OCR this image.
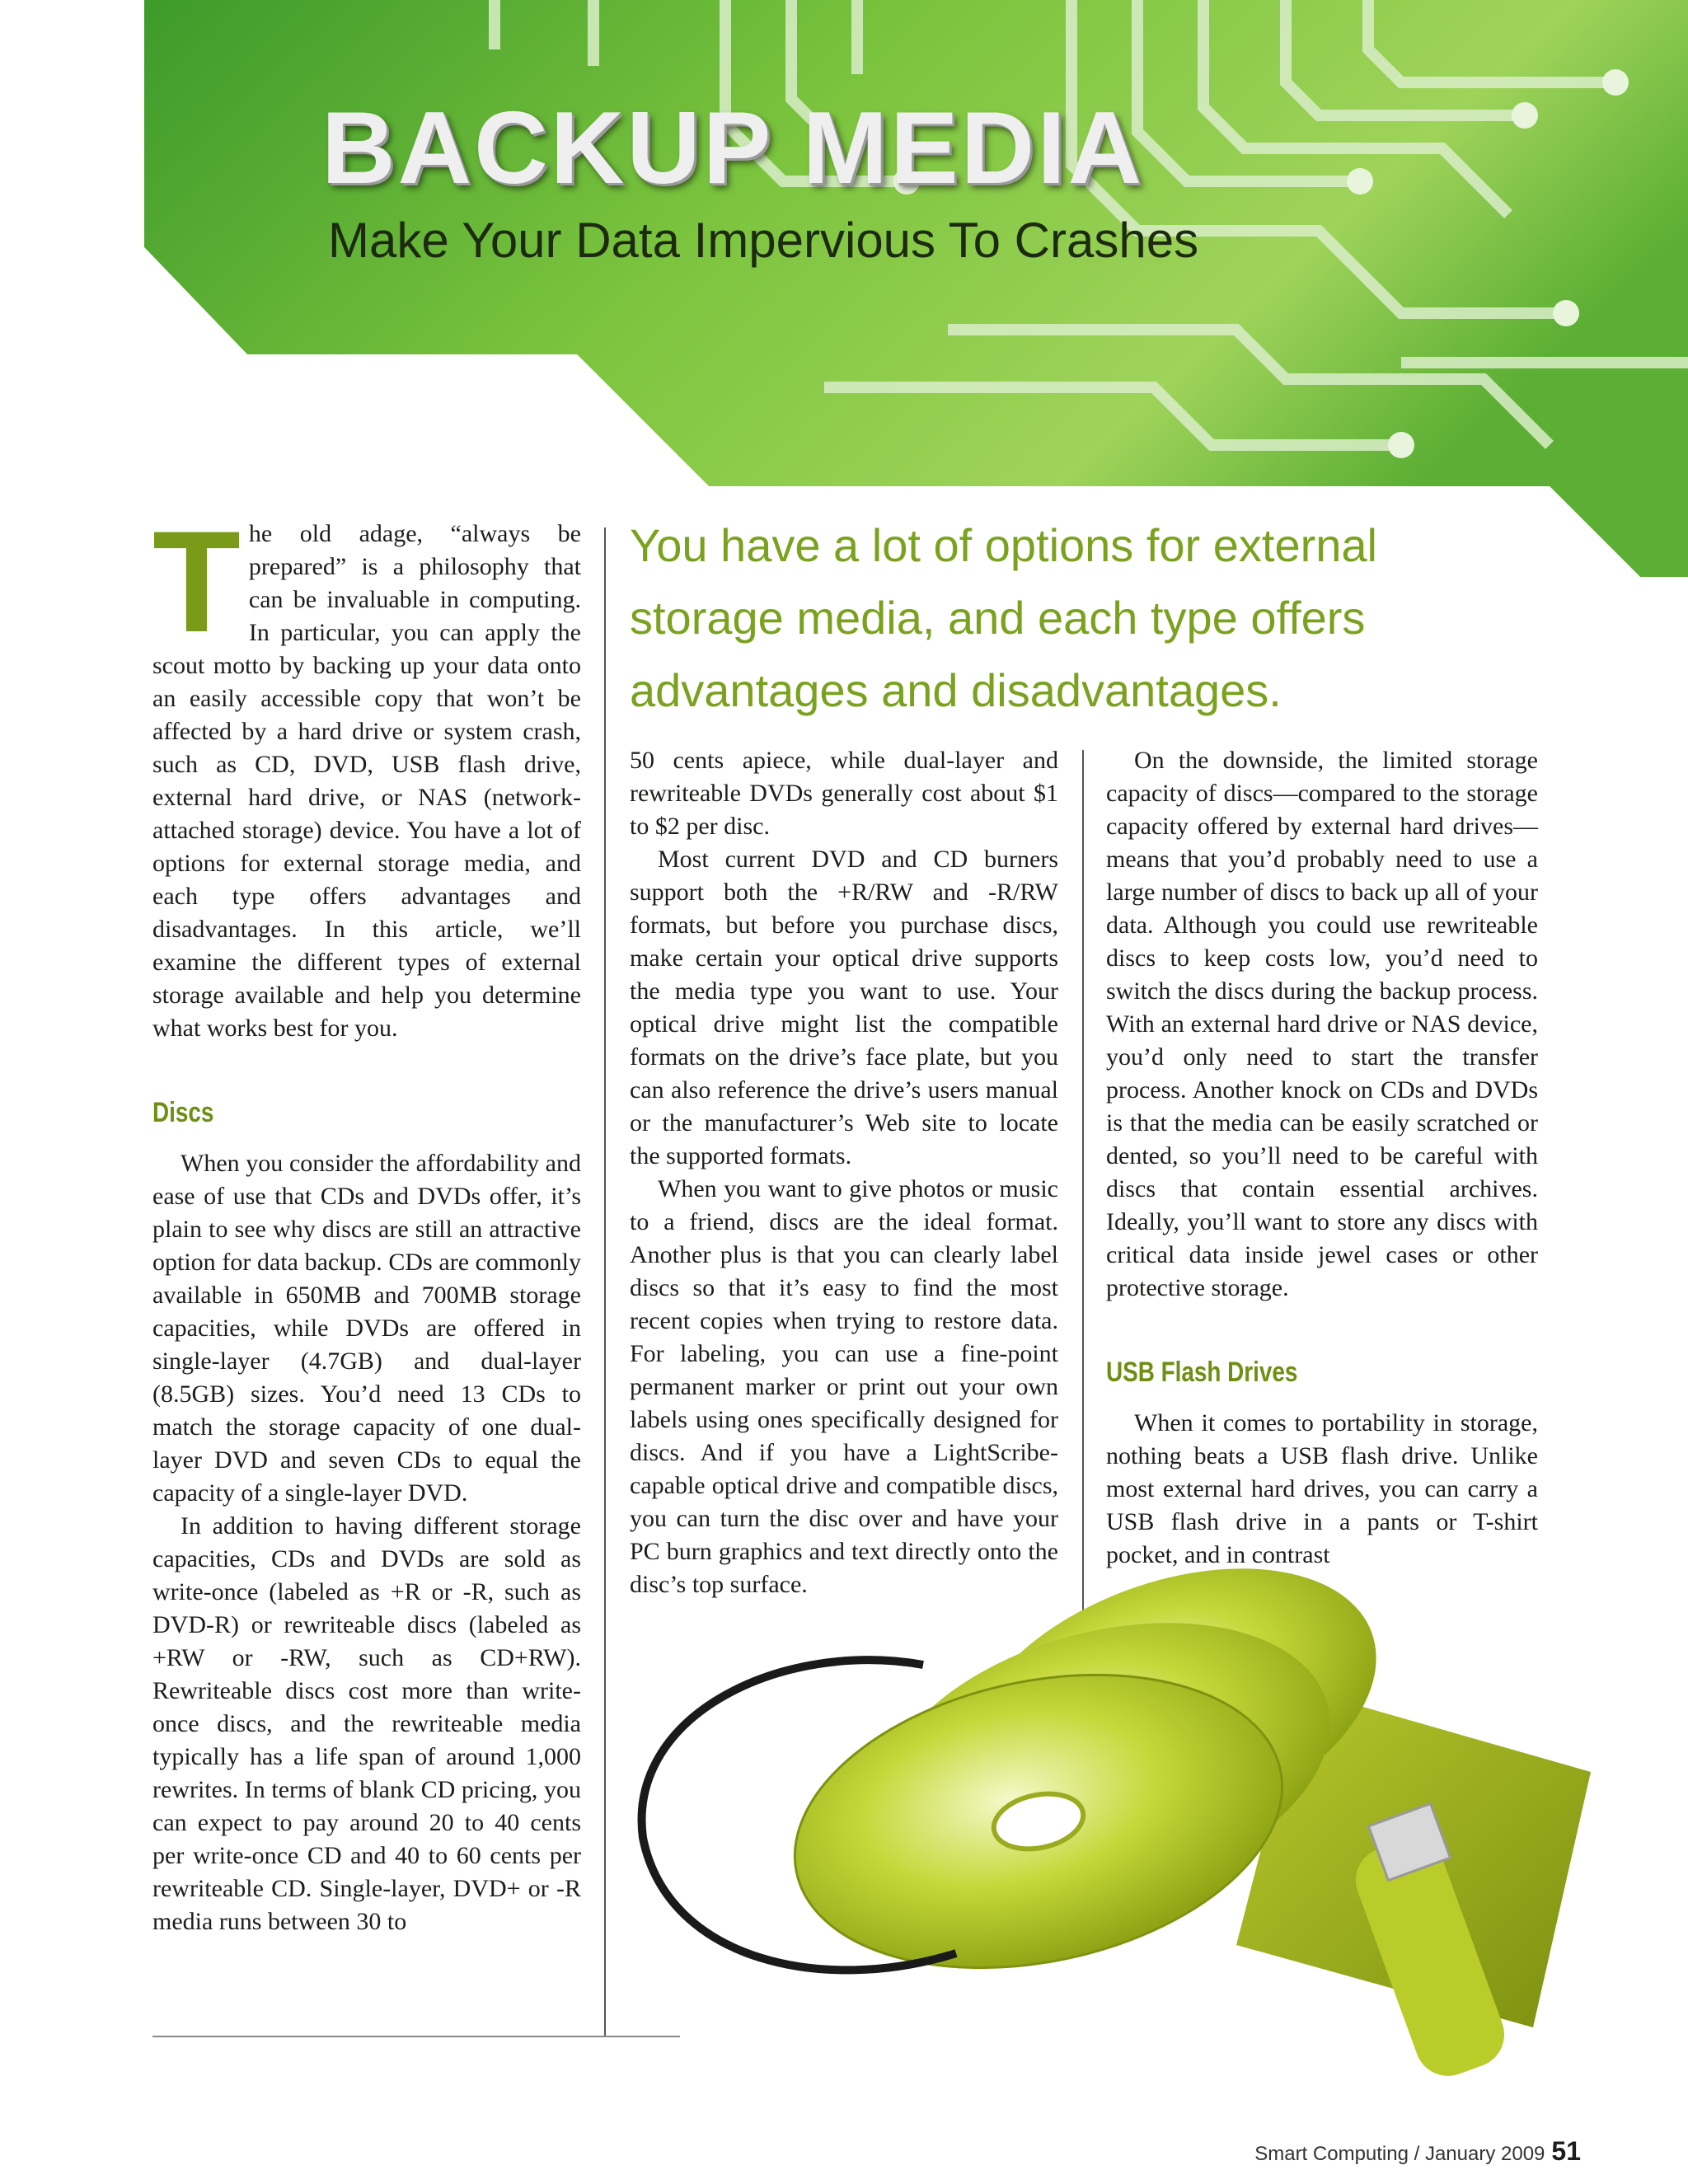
BACKUP MEDIA
Make Your Data Impervious To Crashes

The old adage, “always be prepared” is a philosophy that can be invaluable in computing. In particular, you can apply the scout motto by backing up your data onto an easily accessible copy that won’t be affected by a hard drive or system crash, such as CD, DVD, USB flash drive, external hard drive, or NAS (network-attached storage) device. You have a lot of options for external storage media, and each type offers advantages and disadvantages. In this article, we’ll examine the different types of external storage available and help you determine what works best for you.

Discs

When you consider the affordability and ease of use that CDs and DVDs offer, it’s plain to see why discs are still an attractive option for data backup. CDs are commonly available in 650MB and 700MB storage capacities, while DVDs are offered in single-layer (4.7GB) and dual-layer (8.5GB) sizes. You’d need 13 CDs to match the storage capacity of one dual-layer DVD and seven CDs to equal the capacity of a single-layer DVD.

In addition to having different storage capacities, CDs and DVDs are sold as write-once (labeled as +R or -R, such as DVD-R) or rewriteable discs (labeled as +RW or -RW, such as CD+RW). Rewriteable discs cost more than write-once discs, and the rewriteable media typically has a life span of around 1,000 rewrites. In terms of blank CD pricing, you can expect to pay around 20 to 40 cents per write-once CD and 40 to 60 cents per rewriteable CD. Single-layer, DVD+ or -R media runs between 30 to

You have a lot of options for external storage media, and each type offers advantages and disadvantages.

50 cents apiece, while dual-layer and rewriteable DVDs generally cost about $1 to $2 per disc.

Most current DVD and CD burners support both the +R/RW and -R/RW formats, but before you purchase discs, make certain your optical drive supports the media type you want to use. Your optical drive might list the compatible formats on the drive’s face plate, but you can also reference the drive’s users manual or the manufacturer’s Web site to locate the supported formats.

When you want to give photos or music to a friend, discs are the ideal format. Another plus is that you can clearly label discs so that it’s easy to find the most recent copies when trying to restore data. For labeling, you can use a fine-point permanent marker or print out your own labels using ones specifically designed for discs. And if you have a LightScribe-capable optical drive and compatible discs, you can turn the disc over and have your PC burn graphics and text directly onto the disc’s top surface.

On the downside, the limited storage capacity of discs—compared to the storage capacity offered by external hard drives—means that you’d probably need to use a large number of discs to back up all of your data. Although you could use rewriteable discs to keep costs low, you’d need to switch the discs during the backup process. With an external hard drive or NAS device, you’d only need to start the transfer process. Another knock on CDs and DVDs is that the media can be easily scratched or dented, so you’ll need to be careful with discs that contain essential archives. Ideally, you’ll want to store any discs with critical data inside jewel cases or other protective storage.

USB Flash Drives

When it comes to portability in storage, nothing beats a USB flash drive. Unlike most external hard drives, you can carry a USB flash drive in a pants or T-shirt pocket, and in contrast

Smart Computing / January 2009 51
